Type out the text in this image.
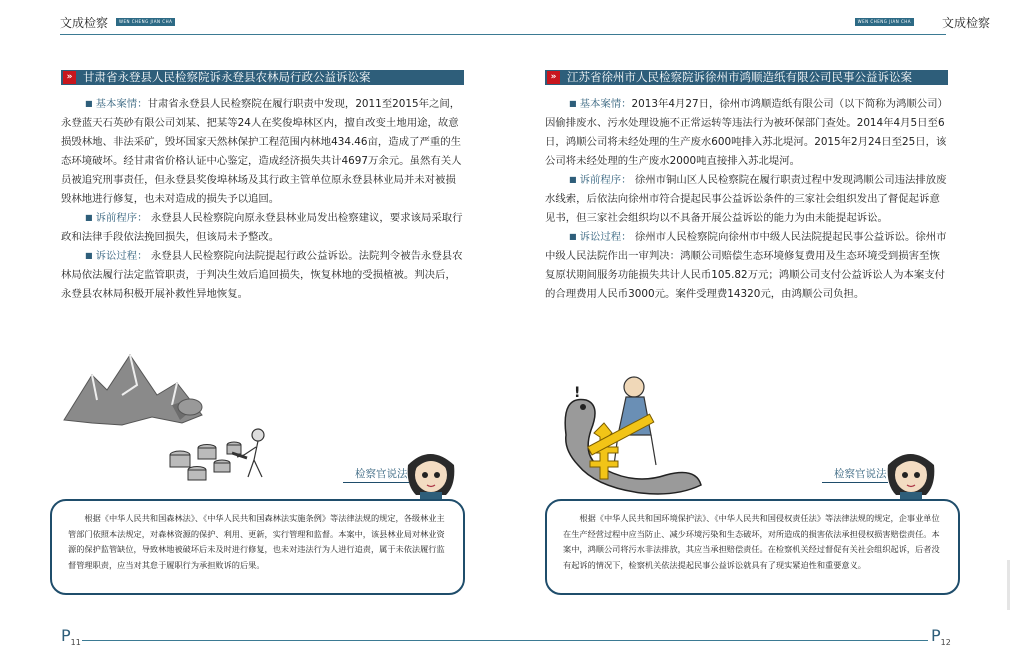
文成检察	WEN CHENG JIAN CHA	WEN CHENG JIAN CHA	文成检察
» 甘肃省永登县人民检察院诉永登县农林局行政公益诉讼案

■ 基本案情：甘肃省永登县人民检察院在履行职责中发现，2011至2015年之间，永登蓝天石英砂有限公司刘某、把某等24人在奖俊埠林区内，擅自改变土地用途，故意损毁林地、非法采矿，毁坏国家天然林保护工程范围内林地434.46亩，造成了严重的生态环境破坏。经甘肃省价格认证中心鉴定，造成经济损失共计4697万余元。虽然有关人员被追究刑事责任，但永登县奖俊埠林场及其行政主管单位原永登县林业局并未对被损毁林地进行修复，也未对造成的损失予以追回。

■ 诉前程序： 永登县人民检察院向原永登县林业局发出检察建议，要求该局采取行政和法律手段依法挽回损失，但该局未予整改。

■ 诉讼过程： 永登县人民检察院向法院提起行政公益诉讼。法院判令被告永登县农林局依法履行法定监管职责，于判决生效后追回损失，恢复林地的受损植被。判决后，永登县农林局积极开展补救性异地恢复。

检察官说法
根据《中华人民共和国森林法》、《中华人民共和国森林法实施条例》等法律法规的规定，各级林业主管部门依照本法规定，对森林资源的保护、利用、更新，实行管理和监督。本案中，该县林业局对林业资源的保护监管缺位，导致林地被破坏后未及时进行修复，也未对违法行为人进行追责，属于未依法履行监督管理职责，应当对其怠于履职行为承担败诉的后果。
» 江苏省徐州市人民检察院诉徐州市鸿顺造纸有限公司民事公益诉讼案

■ 基本案情：2013年4月27日，徐州市鸿顺造纸有限公司（以下简称为鸿顺公司）因偷排废水、污水处理设施不正常运转等违法行为被环保部门查处。2014年4月5日至6日，鸿顺公司将未经处理的生产废水600吨排入苏北堤河。2015年2月24日至25日，该公司将未经处理的生产废水2000吨直接排入苏北堤河。

■ 诉前程序： 徐州市铜山区人民检察院在履行职责过程中发现鸿顺公司违法排放废水线索，后依法向徐州市符合提起民事公益诉讼条件的三家社会组织发出了督促起诉意见书，但三家社会组织均以不具备开展公益诉讼的能力为由未能提起诉讼。

■ 诉讼过程： 徐州市人民检察院向徐州市中级人民法院提起民事公益诉讼。徐州市中级人民法院作出一审判决：鸿顺公司赔偿生态环境修复费用及生态环境受到损害至恢复原状期间服务功能损失共计人民币105.82万元；鸿顺公司支付公益诉讼人为本案支付的合理费用人民币3000元。案件受理费14320元，由鸿顺公司负担。

!
检察官说法
根据《中华人民共和国环境保护法》、《中华人民共和国侵权责任法》等法律法规的规定，企事业单位在生产经营过程中应当防止、减少环境污染和生态破坏，对所造成的损害依法承担侵权损害赔偿责任。本案中，鸿顺公司将污水非法排放，其应当承担赔偿责任。在检察机关经过督促有关社会组织起诉，后者没有起诉的情况下，检察机关依法提起民事公益诉讼就具有了现实紧迫性和重要意义。
$P_{11}$	$P_{12}$
